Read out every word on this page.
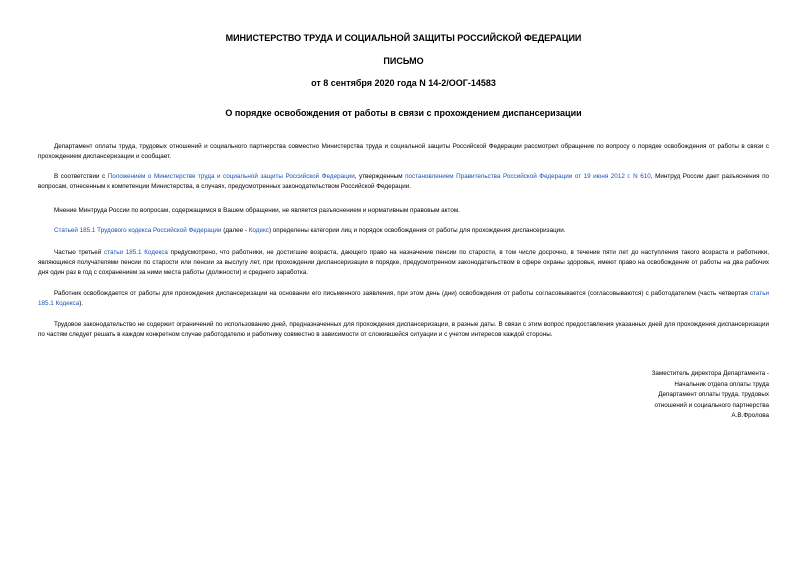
МИНИСТЕРСТВО ТРУДА И СОЦИАЛЬНОЙ ЗАЩИТЫ РОССИЙСКОЙ ФЕДЕРАЦИИ
ПИСЬМО
от 8 сентября 2020 года N 14-2/ООГ-14583
О порядке освобождения от работы в связи с прохождением диспансеризации

Департамент оплаты труда, трудовых отношений и социального партнерства совместно Министерства труда и социальной защиты Российской Федерации рассмотрел обращение по вопросу о порядке освобождения от работы в связи с прохождением диспансеризации и сообщает.

В соответствии с Положением о Министерстве труда и социальной защиты Российской Федерации, утвержденным постановлением Правительства Российской Федерации от 19 июня 2012 г. N 610, Минтруд России дает разъяснения по вопросам, отнесенным к компетенции Министерства, в случаях, предусмотренных законодательством Российской Федерации.

Мнение Минтруда России по вопросам, содержащимся в Вашем обращении, не является разъяснением и нормативным правовым актом.

Статьей 185.1 Трудового кодекса Российской Федерации (далее - Кодекс) определены категории лиц и порядок освобождения от работы для прохождения диспансеризации.

Частью третьей статьи 185.1 Кодекса предусмотрено, что работники, не достигшие возраста, дающего право на назначение пенсии по старости, в том числе досрочно, в течение пяти лет до наступления такого возраста и работники, являющиеся получателями пенсии по старости или пенсии за выслугу лет, при прохождении диспансеризации в порядке, предусмотренном законодательством в сфере охраны здоровья, имеют право на освобождение от работы на два рабочих дня один раз в год с сохранением за ними места работы (должности) и среднего заработка.

Работник освобождается от работы для прохождения диспансеризации на основании его письменного заявления, при этом день (дни) освобождения от работы согласовывается (согласовываются) с работодателем (часть четвертая статьи 185.1 Кодекса).

Трудовое законодательство не содержит ограничений по использованию дней, предназначенных для прохождения диспансеризации, в разные даты. В связи с этим вопрос предоставления указанных дней для прохождения диспансеризации по частям следует решать в каждом конкретном случае работодателю и работнику совместно в зависимости от сложившейся ситуации и с учетом интересов каждой стороны.

Заместитель директора Департамента -
Начальник отдела оплаты труда
Департамент оплаты труда, трудовых
отношений и социального партнерства
А.В.Фролова
